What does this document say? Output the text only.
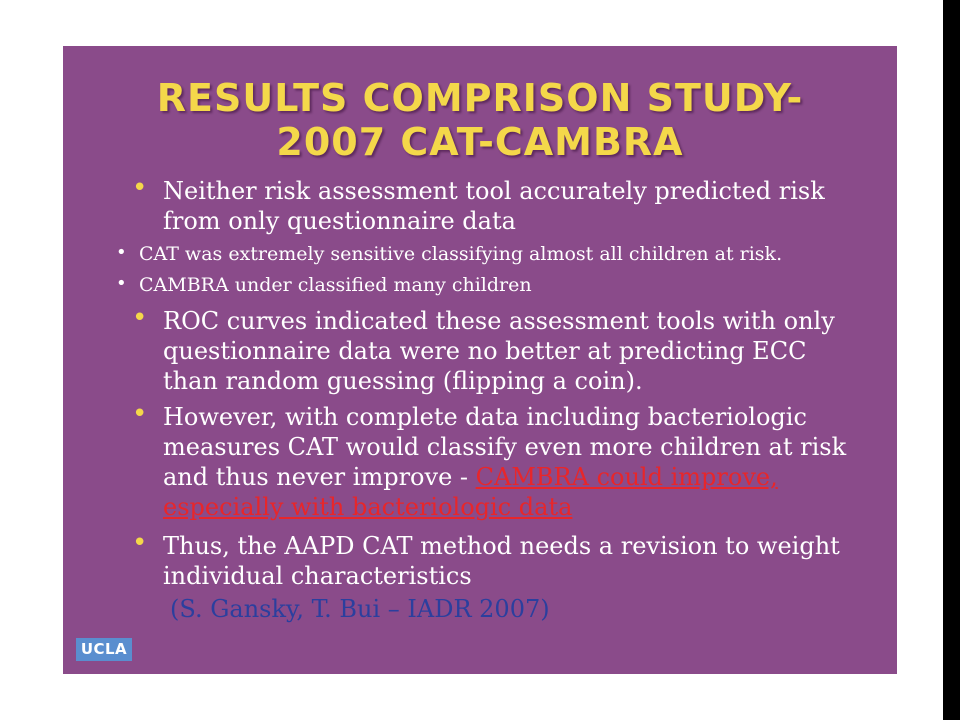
RESULTS COMPRISON STUDY-
2007 CAT-CAMBRA
• Neither risk assessment tool accurately predicted risk from only questionnaire data
• CAT was extremely sensitive classifying almost all children at risk.
• CAMBRA under classified many children
• ROC curves indicated these assessment tools with only questionnaire data were no better at predicting ECC than random guessing (flipping a coin).
• However, with complete data including bacteriologic measures CAT would classify even more children at risk and thus never improve - CAMBRA could improve, especially with bacteriologic data
• Thus, the AAPD CAT method needs a revision to weight individual characteristics
(S. Gansky, T. Bui – IADR 2007)
UCLA
